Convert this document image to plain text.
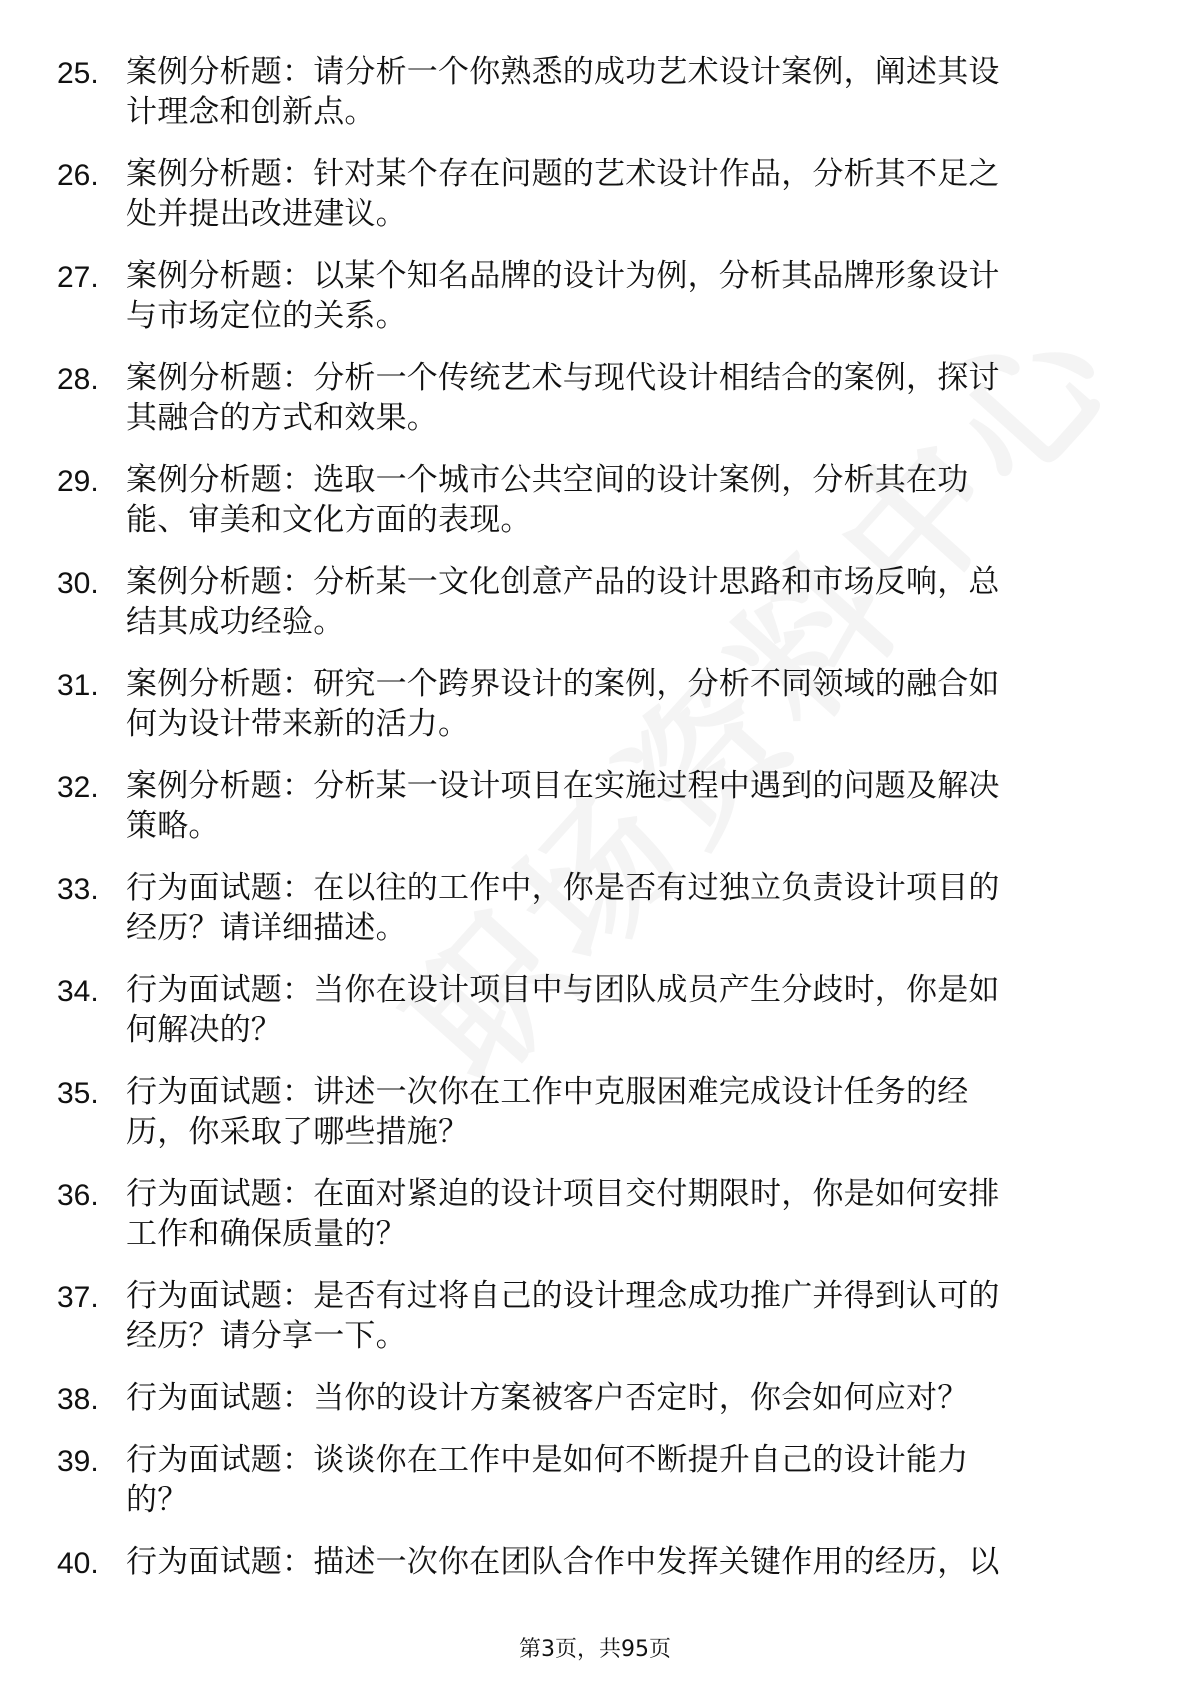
25. 案例分析题：请分析一个你熟悉的成功艺术设计案例，阐述其设
计理念和创新点。
26. 案例分析题：针对某个存在问题的艺术设计作品，分析其不足之
处并提出改进建议。
27. 案例分析题：以某个知名品牌的设计为例，分析其品牌形象设计
与市场定位的关系。
28. 案例分析题：分析一个传统艺术与现代设计相结合的案例，探讨
其融合的方式和效果。
29. 案例分析题：选取一个城市公共空间的设计案例，分析其在功
能、审美和文化方面的表现。
30. 案例分析题：分析某一文化创意产品的设计思路和市场反响，总
结其成功经验。
31. 案例分析题：研究一个跨界设计的案例，分析不同领域的融合如
何为设计带来新的活力。
32. 案例分析题：分析某一设计项目在实施过程中遇到的问题及解决
策略。
33. 行为面试题：在以往的工作中，你是否有过独立负责设计项目的
经历？请详细描述。
34. 行为面试题：当你在设计项目中与团队成员产生分歧时，你是如
何解决的？
35. 行为面试题：讲述一次你在工作中克服困难完成设计任务的经
历，你采取了哪些措施？
36. 行为面试题：在面对紧迫的设计项目交付期限时，你是如何安排
工作和确保质量的？
37. 行为面试题：是否有过将自己的设计理念成功推广并得到认可的
经历？请分享一下。
38. 行为面试题：当你的设计方案被客户否定时，你会如何应对？
39. 行为面试题：谈谈你在工作中是如何不断提升自己的设计能力
的？
40. 行为面试题：描述一次你在团队合作中发挥关键作用的经历，以
第3页，共95页
